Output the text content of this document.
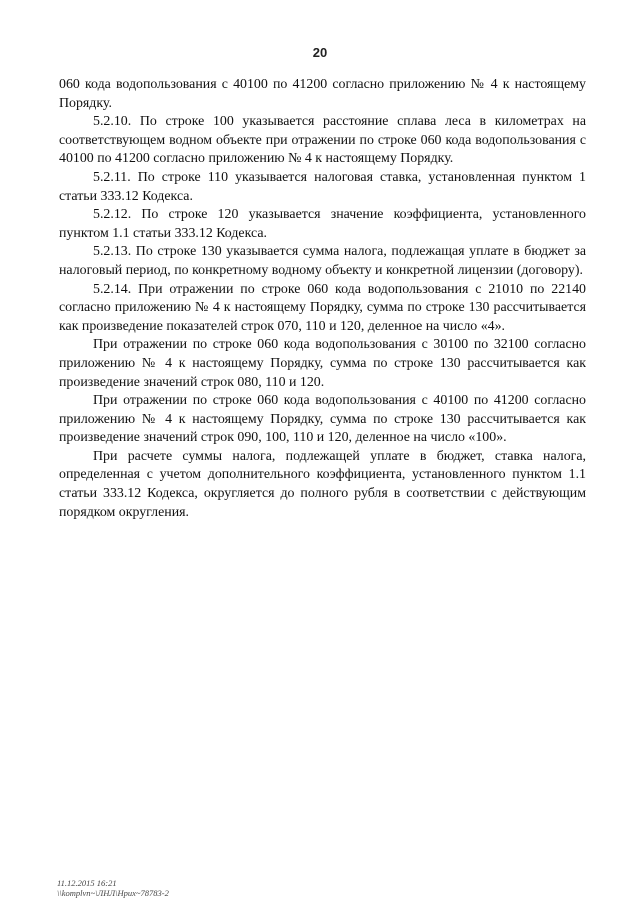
20

060 кода водопользования с 40100 по 41200 согласно приложению № 4 к настоящему Порядку.

5.2.10. По строке 100 указывается расстояние сплава леса в километрах на соответствующем водном объекте при отражении по строке 060 кода водопользования с 40100 по 41200 согласно приложению № 4 к настоящему Порядку.

5.2.11. По строке 110 указывается налоговая ставка, установленная пунктом 1 статьи 333.12 Кодекса.

5.2.12. По строке 120 указывается значение коэффициента, установленного пунктом 1.1 статьи 333.12 Кодекса.

5.2.13. По строке 130 указывается сумма налога, подлежащая уплате в бюджет за налоговый период, по конкретному водному объекту и конкретной лицензии (договору).

5.2.14. При отражении по строке 060 кода водопользования с 21010 по 22140 согласно приложению № 4 к настоящему Порядку, сумма по строке 130 рассчитывается как произведение показателей строк 070, 110 и 120, деленное на число «4».

При отражении по строке 060 кода водопользования с 30100 по 32100 согласно приложению № 4 к настоящему Порядку, сумма по строке 130 рассчитывается как произведение значений строк 080, 110 и 120.

При отражении по строке 060 кода водопользования с 40100 по 41200 согласно приложению № 4 к настоящему Порядку, сумма по строке 130 рассчитывается как произведение значений строк 090, 100, 110 и 120, деленное на число «100».

При расчете суммы налога, подлежащей уплате в бюджет, ставка налога, определенная с учетом дополнительного коэффициента, установленного пунктом 1.1 статьи 333.12 Кодекса, округляется до полного рубля в соответствии с действующим порядком округления.

11.12.2015 16:21
\\komplvn~\ЛНЛ\Нрих~78783-2
